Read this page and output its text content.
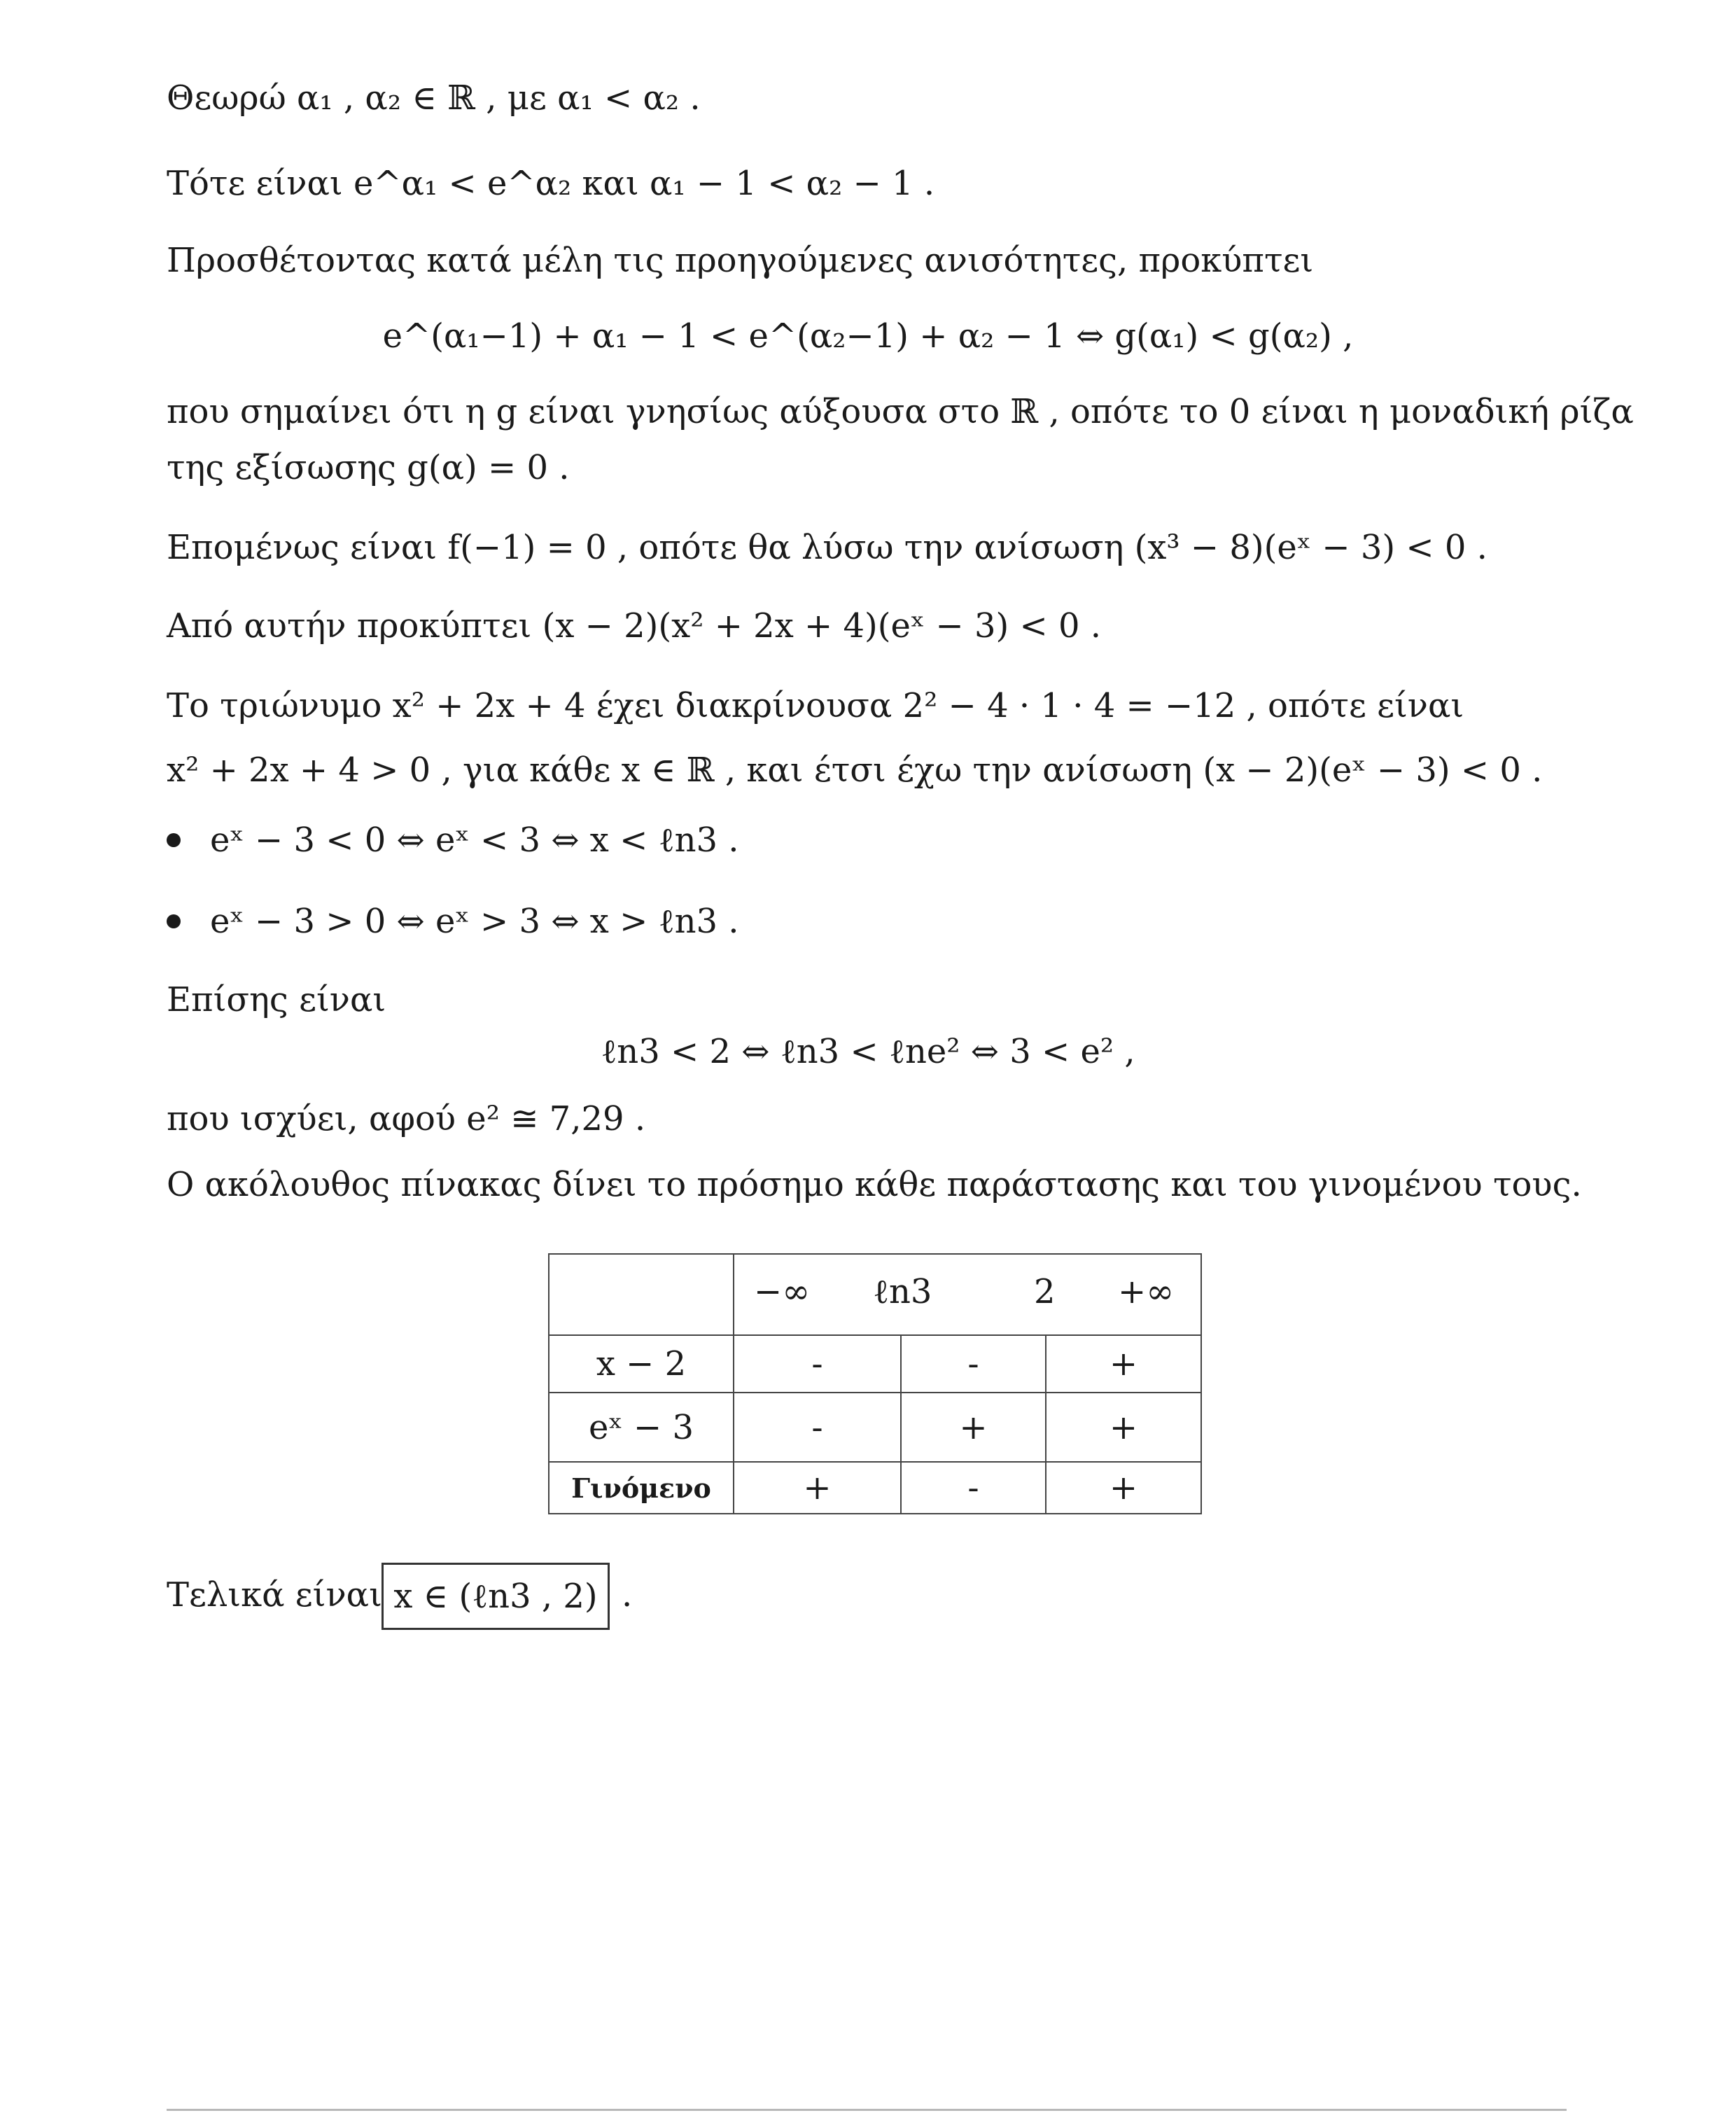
Θεωρώ α₁ , α₂ ∈ ℝ , με α₁ < α₂ .
Τότε είναι e^α₁ < e^α₂ και α₁ − 1 < α₂ − 1 .
Προσθέτοντας κατά μέλη τις προηγούμενες ανισότητες, προκύπτει
e^(α₁−1) + α₁ − 1 < e^(α₂−1) + α₂ − 1 ⇔ g(α₁) < g(α₂) ,
που σημαίνει ότι η g είναι γνησίως αύξουσα στο ℝ , οπότε το 0 είναι η μοναδική ρίζα
της εξίσωσης g(α) = 0 .
Επομένως είναι f(−1) = 0 , οπότε θα λύσω την ανίσωση (x³ − 8)(eˣ − 3) < 0 .
Από αυτήν προκύπτει (x − 2)(x² + 2x + 4)(eˣ − 3) < 0 .
Το τριώνυμο x² + 2x + 4 έχει διακρίνουσα 2² − 4 · 1 · 4 = −12 , οπότε είναι
x² + 2x + 4 > 0 , για κάθε x ∈ ℝ , και έτσι έχω την ανίσωση (x − 2)(eˣ − 3) < 0 .
eˣ − 3 < 0 ⇔ eˣ < 3 ⇔ x < ℓn3 .
eˣ − 3 > 0 ⇔ eˣ > 3 ⇔ x > ℓn3 .
Επίσης είναι
ℓn3 < 2 ⇔ ℓn3 < ℓne² ⇔ 3 < e² ,
που ισχύει, αφού e² ≅ 7,29 .
Ο ακόλουθος πίνακας δίνει το πρόσημο κάθε παράστασης και του γινομένου τους.

	−∞ ℓn3 2 +∞		

x − 2	-	-	+
eˣ − 3	-	+	+
Γινόμενο	+	-	+
Τελικά είναι x ∈ (ℓn3 , 2) .
